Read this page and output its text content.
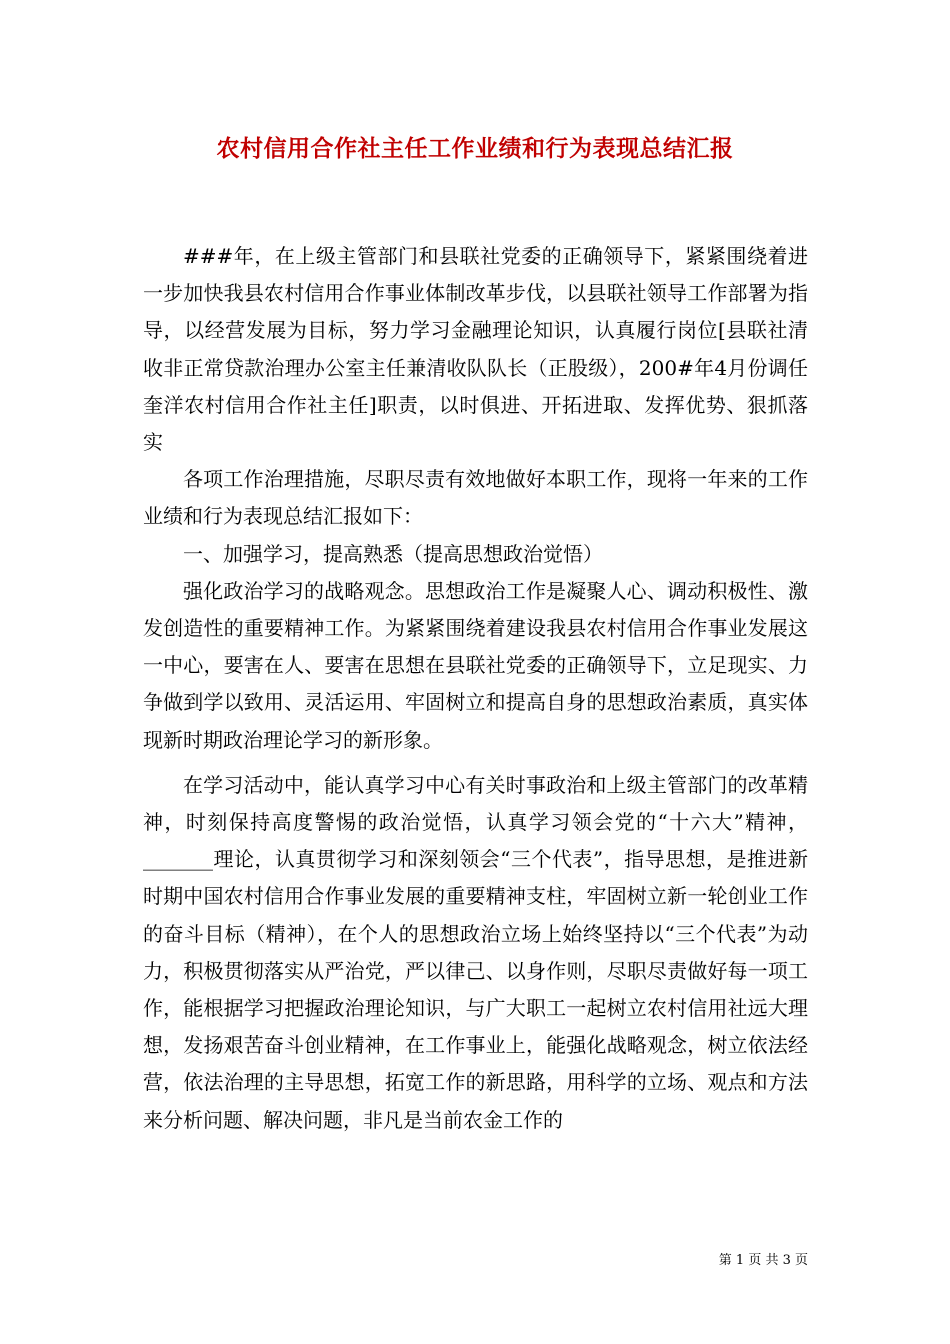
农村信用合作社主任工作业绩和行为表现总结汇报

###年，在上级主管部门和县联社党委的正确领导下，紧紧围绕着进一步加快我县农村信用合作事业体制改革步伐，以县联社领导工作部署为指导，以经营发展为目标，努力学习金融理论知识，认真履行岗位[县联社清收非正常贷款治理办公室主任兼清收队队长（正股级），200#年4月份调任奎洋农村信用合作社主任]职责，以时俱进、开拓进取、发挥优势、狠抓落实

各项工作治理措施，尽职尽责有效地做好本职工作，现将一年来的工作业绩和行为表现总结汇报如下：

一、加强学习，提高熟悉（提高思想政治觉悟）

强化政治学习的战略观念。思想政治工作是凝聚人心、调动积极性、激发创造性的重要精神工作。为紧紧围绕着建设我县农村信用合作事业发展这一中心，要害在人、要害在思想在县联社党委的正确领导下，立足现实、力争做到学以致用、灵活运用、牢固树立和提高自身的思想政治素质，真实体现新时期政治理论学习的新形象。

在学习活动中，能认真学习中心有关时事政治和上级主管部门的改革精神，时刻保持高度警惕的政治觉悟，认真学习领会党的“十六大”精神，_______理论，认真贯彻学习和深刻领会“三个代表”，指导思想，是推进新时期中国农村信用合作事业发展的重要精神支柱，牢固树立新一轮创业工作的奋斗目标（精神），在个人的思想政治立场上始终坚持以“三个代表”为动力，积极贯彻落实从严治党，严以律己、以身作则，尽职尽责做好每一项工作，能根据学习把握政治理论知识，与广大职工一起树立农村信用社远大理想，发扬艰苦奋斗创业精神，在工作事业上，能强化战略观念，树立依法经营，依法治理的主导思想，拓宽工作的新思路，用科学的立场、观点和方法来分析问题、解决问题，非凡是当前农金工作的

第 1 页 共 3 页
